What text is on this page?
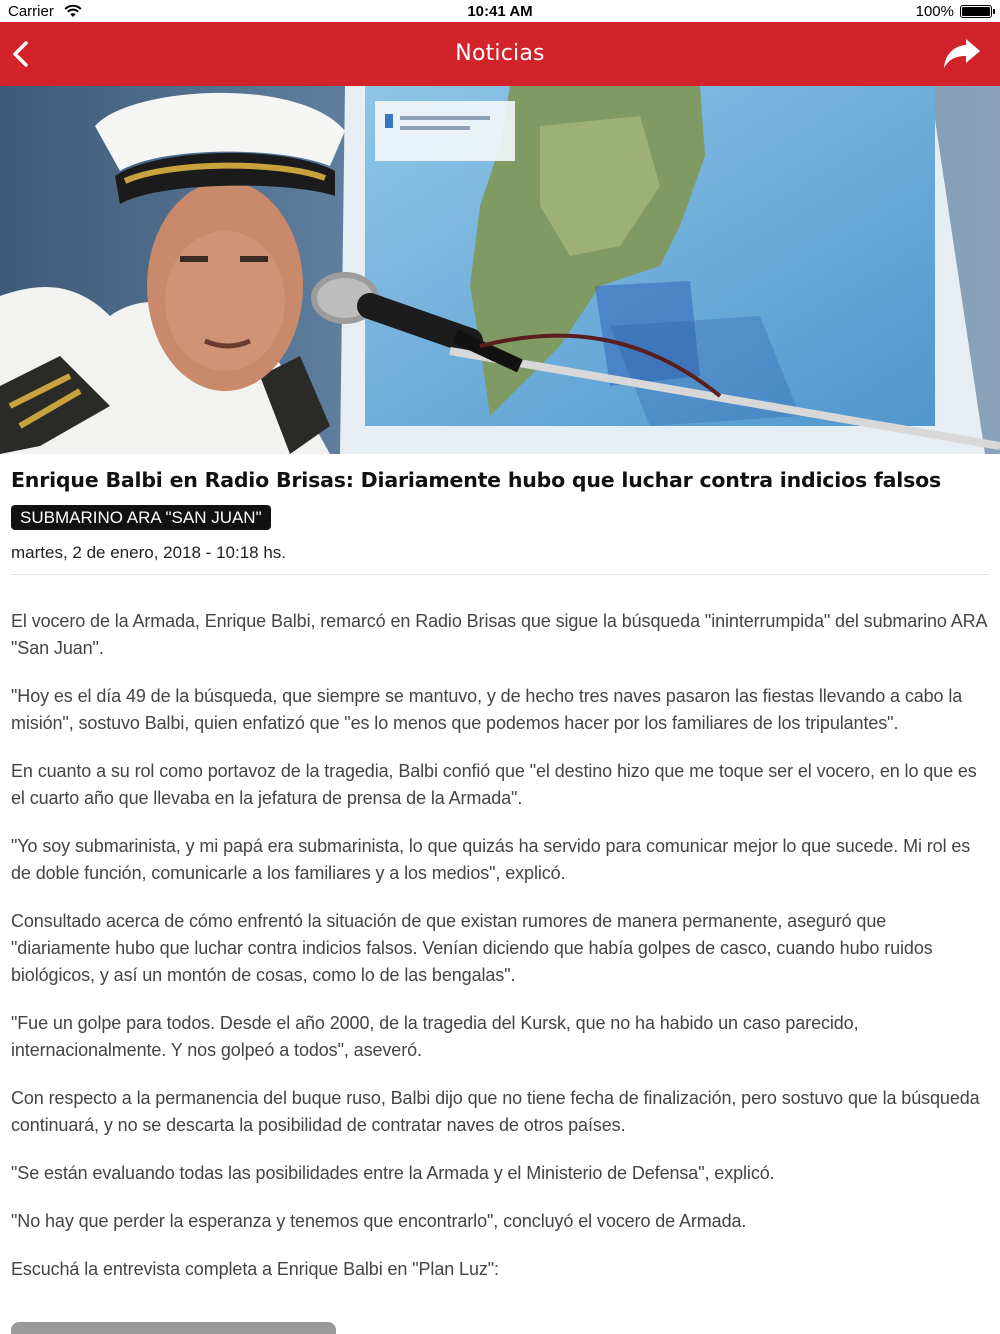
Carrier	10:41 AM	100%
Noticias
Enrique Balbi en Radio Brisas: Diariamente hubo que luchar contra indicios falsos
SUBMARINO ARA "SAN JUAN"
martes, 2 de enero, 2018 - 10:18 hs.

El vocero de la Armada, Enrique Balbi, remarcó en Radio Brisas que sigue la búsqueda "ininterrumpida" del submarino ARA "San Juan".

"Hoy es el día 49 de la búsqueda, que siempre se mantuvo, y de hecho tres naves pasaron las fiestas llevando a cabo la misión", sostuvo Balbi, quien enfatizó que "es lo menos que podemos hacer por los familiares de los tripulantes".

En cuanto a su rol como portavoz de la tragedia, Balbi confió que "el destino hizo que me toque ser el vocero, en lo que es el cuarto año que llevaba en la jefatura de prensa de la Armada".

"Yo soy submarinista, y mi papá era submarinista, lo que quizás ha servido para comunicar mejor lo que sucede. Mi rol es de doble función, comunicarle a los familiares y a los medios", explicó.

Consultado acerca de cómo enfrentó la situación de que existan rumores de manera permanente, aseguró que "diariamente hubo que luchar contra indicios falsos. Venían diciendo que había golpes de casco, cuando hubo ruidos biológicos, y así un montón de cosas, como lo de las bengalas".

"Fue un golpe para todos. Desde el año 2000, de la tragedia del Kursk, que no ha habido un caso parecido, internacionalmente. Y nos golpeó a todos", aseveró.

Con respecto a la permanencia del buque ruso, Balbi dijo que no tiene fecha de finalización, pero sostuvo que la búsqueda continuará, y no se descarta la posibilidad de contratar naves de otros países.

"Se están evaluando todas las posibilidades entre la Armada y el Ministerio de Defensa", explicó.

"No hay que perder la esperanza y tenemos que encontrarlo", concluyó el vocero de Armada.

Escuchá la entrevista completa a Enrique Balbi en "Plan Luz":
